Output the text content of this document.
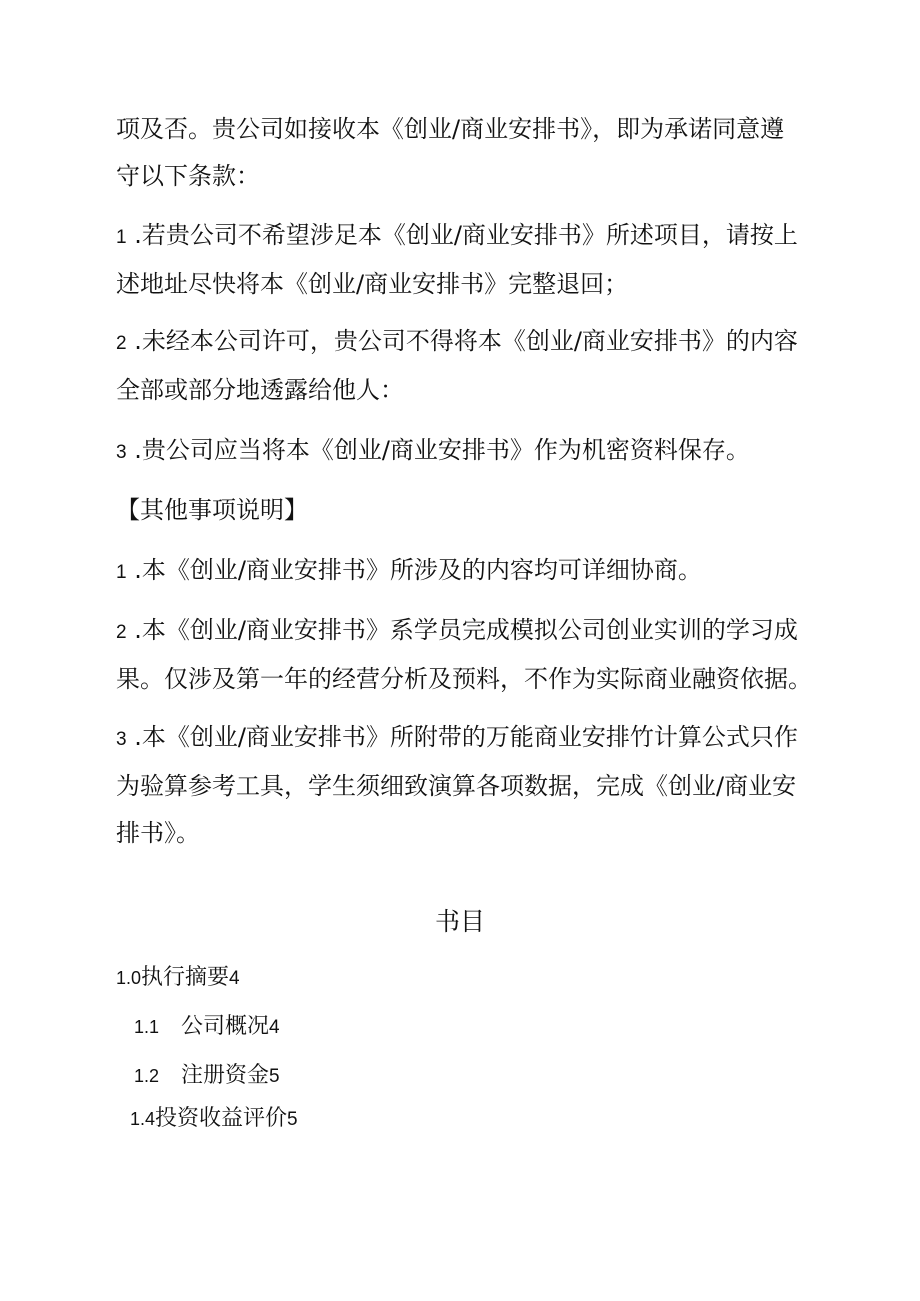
项及否。贵公司如接收本《创业/商业安排书》，即为承诺同意遵
守以下条款：
1 .若贵公司不希望涉足本《创业/商业安排书》所述项目，请按上
述地址尽快将本《创业/商业安排书》完整退回；
2 .未经本公司许可，贵公司不得将本《创业/商业安排书》的内容
全部或部分地透露给他人：
3 .贵公司应当将本《创业/商业安排书》作为机密资料保存。
【其他事项说明】
1 .本《创业/商业安排书》所涉及的内容均可详细协商。
2 .本《创业/商业安排书》系学员完成模拟公司创业实训的学习成
果。仅涉及第一年的经营分析及预料，不作为实际商业融资依据。
3 .本《创业/商业安排书》所附带的万能商业安排竹计算公式只作
为验算参考工具，学生须细致演算各项数据，完成《创业/商业安
排书》。
书目
1.0执行摘要4
1.1 公司概况4
1.2 注册资金5
1.4投资收益评价5
